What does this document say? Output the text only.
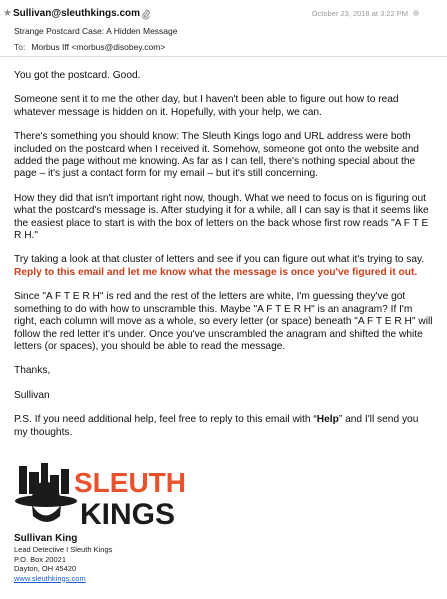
★ Sullivan@sleuthkings.com	October 23, 2018 at 3:22 PM
Strange Postcard Case: A Hidden Message
To: Morbus Iff <morbus@disobey.com>

You got the postcard. Good.

Someone sent it to me the other day, but I haven't been able to figure out how to read whatever message is hidden on it. Hopefully, with your help, we can.

There's something you should know: The Sleuth Kings logo and URL address were both included on the postcard when I received it. Somehow, someone got onto the website and added the page without me knowing. As far as I can tell, there's nothing special about the page – it's just a contact form for my email – but it's still concerning.

How they did that isn't important right now, though. What we need to focus on is figuring out what the postcard's message is. After studying it for a while, all I can say is that it seems like the easiest place to start is with the box of letters on the back whose first row reads "A F T E R H."

Try taking a look at that cluster of letters and see if you can figure out what it's trying to say. Reply to this email and let me know what the message is once you've figured it out.

Since "A F T E R H" is red and the rest of the letters are white, I'm guessing they've got something to do with how to unscramble this. Maybe "A F T E R H" is an anagram? If I'm right, each column will move as a whole, so every letter (or space) beneath "A F T E R H" will follow the red letter it's under. Once you've unscrambled the anagram and shifted the white letters (or spaces), you should be able to read the message.

Thanks,

Sullivan

P.S. If you need additional help, feel free to reply to this email with “Help” and I'll send you my thoughts.

SLEUTH
KINGS
Sullivan King
Lead Detective I Sleuth Kings
P.O. Box 20021
Dayton, OH 45420
www.sleuthkings.com
